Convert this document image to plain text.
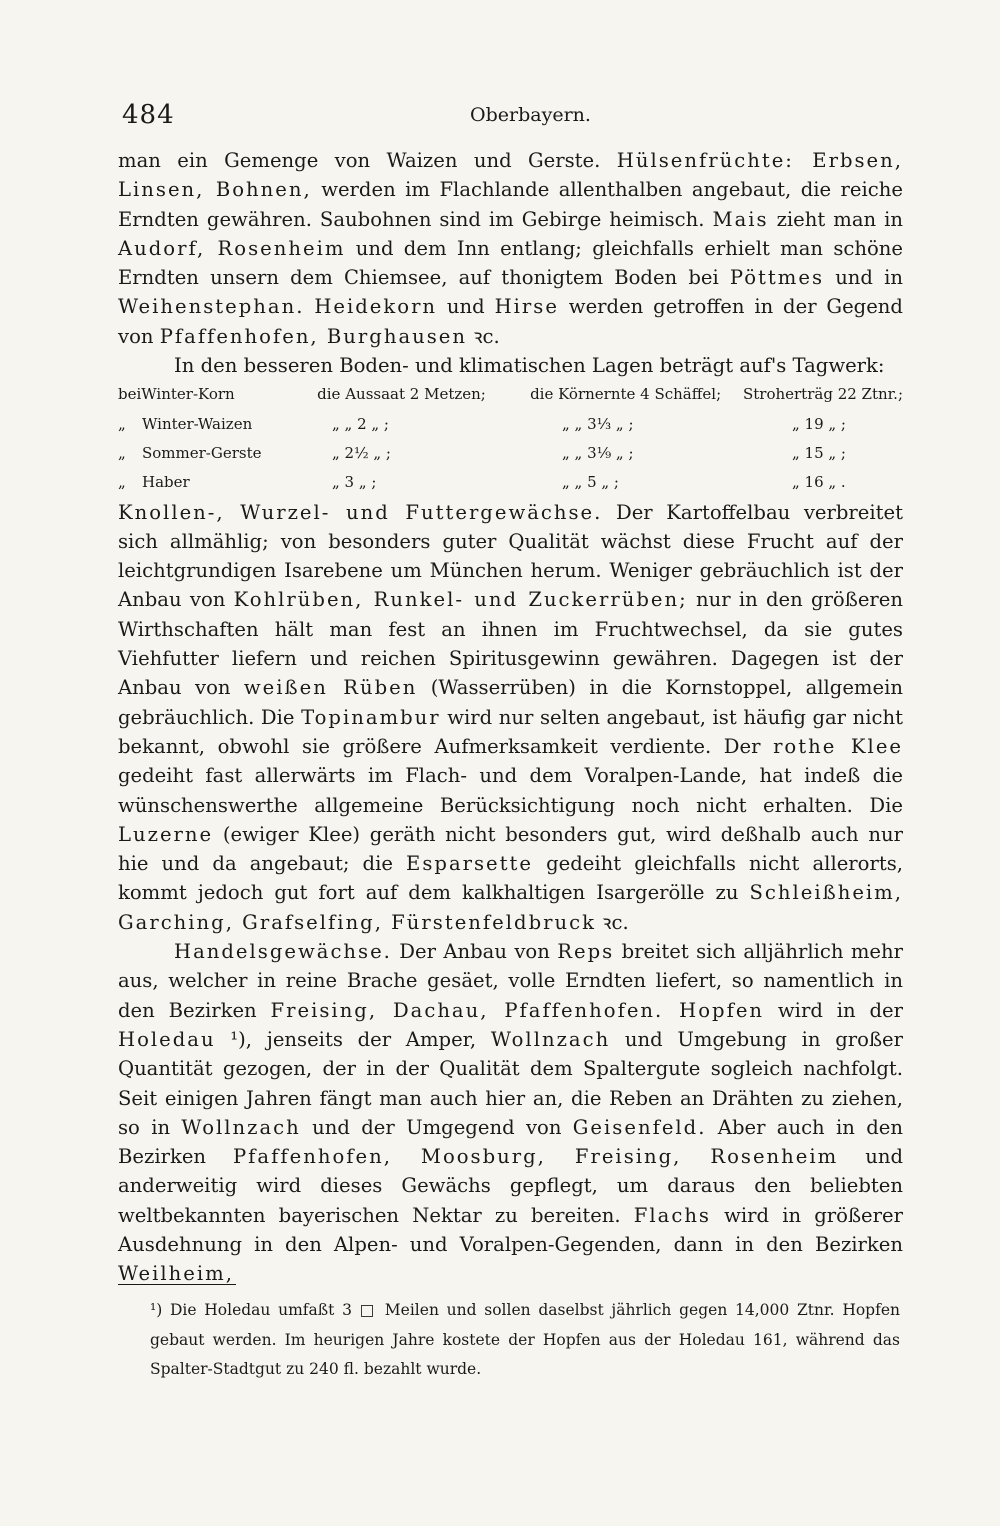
484	Oberbayern.

man ein Gemenge von Waizen und Gerste. Hülsenfrüchte: Erbsen, Linsen, Bohnen, werden im Flachlande allenthalben angebaut, die reiche Erndten gewähren. Saubohnen sind im Gebirge heimisch. Mais zieht man in Audorf, Rosenheim und dem Inn entlang; gleichfalls erhielt man schöne Erndten unsern dem Chiemsee, auf thonigtem Boden bei Pöttmes und in Weihenstephan. Heidekorn und Hirse werden getroffen in der Gegend von Pfaffenhofen, Burghausen ꝛc.

In den besseren Boden- und klimatischen Lagen beträgt auf's Tagwerk:

bei Winter-Korn	die Aussaat 2 Metzen;	die Körnernte 4 Schäffel;	Stroherträg 22 Ztnr.;
„	Winter-Waizen	„ „ 2 „ ;	„ „ 3⅓ „ ;	„ 19 „ ;
„	Sommer-Gerste	„ 2½ „ ;	„ „ 3⅑ „ ;	„ 15 „ ;
„	Haber	„ 3 „ ;	„ „ 5 „ ;	„ 16 „ .

Knollen-, Wurzel- und Futtergewächse. Der Kartoffelbau verbreitet sich allmählig; von besonders guter Qualität wächst diese Frucht auf der leichtgrundigen Isarebene um München herum. Weniger gebräuchlich ist der Anbau von Kohlrüben, Runkel- und Zuckerrüben; nur in den größeren Wirthschaften hält man fest an ihnen im Fruchtwechsel, da sie gutes Viehfutter liefern und reichen Spiritusgewinn gewähren. Dagegen ist der Anbau von weißen Rüben (Wasserrüben) in die Kornstoppel, allgemein gebräuchlich. Die Topinambur wird nur selten angebaut, ist häufig gar nicht bekannt, obwohl sie größere Aufmerksamkeit verdiente. Der rothe Klee gedeiht fast allerwärts im Flach- und dem Voralpen-Lande, hat indeß die wünschenswerthe allgemeine Berücksichtigung noch nicht erhalten. Die Luzerne (ewiger Klee) geräth nicht besonders gut, wird deßhalb auch nur hie und da angebaut; die Esparsette gedeiht gleichfalls nicht allerorts, kommt jedoch gut fort auf dem kalkhaltigen Isargerölle zu Schleißheim, Garching, Grafselfing, Fürstenfeldbruck ꝛc.

Handelsgewächse. Der Anbau von Reps breitet sich alljährlich mehr aus, welcher in reine Brache gesäet, volle Erndten liefert, so namentlich in den Bezirken Freising, Dachau, Pfaffenhofen. Hopfen wird in der Holedau ¹), jenseits der Amper, Wollnzach und Umgebung in großer Quantität gezogen, der in der Qualität dem Spaltergute sogleich nachfolgt. Seit einigen Jahren fängt man auch hier an, die Reben an Drähten zu ziehen, so in Wollnzach und der Umgegend von Geisenfeld. Aber auch in den Bezirken Pfaffenhofen, Moosburg, Freising, Rosenheim und anderweitig wird dieses Gewächs gepflegt, um daraus den beliebten weltbekannten bayerischen Nektar zu bereiten. Flachs wird in größerer Ausdehnung in den Alpen- und Voralpen-Gegenden, dann in den Bezirken Weilheim,

¹) Die Holedau umfaßt 3 □ Meilen und sollen daselbst jährlich gegen 14,000 Ztnr. Hopfen gebaut werden. Im heurigen Jahre kostete der Hopfen aus der Holedau 161, während das Spalter-Stadtgut zu 240 fl. bezahlt wurde.
